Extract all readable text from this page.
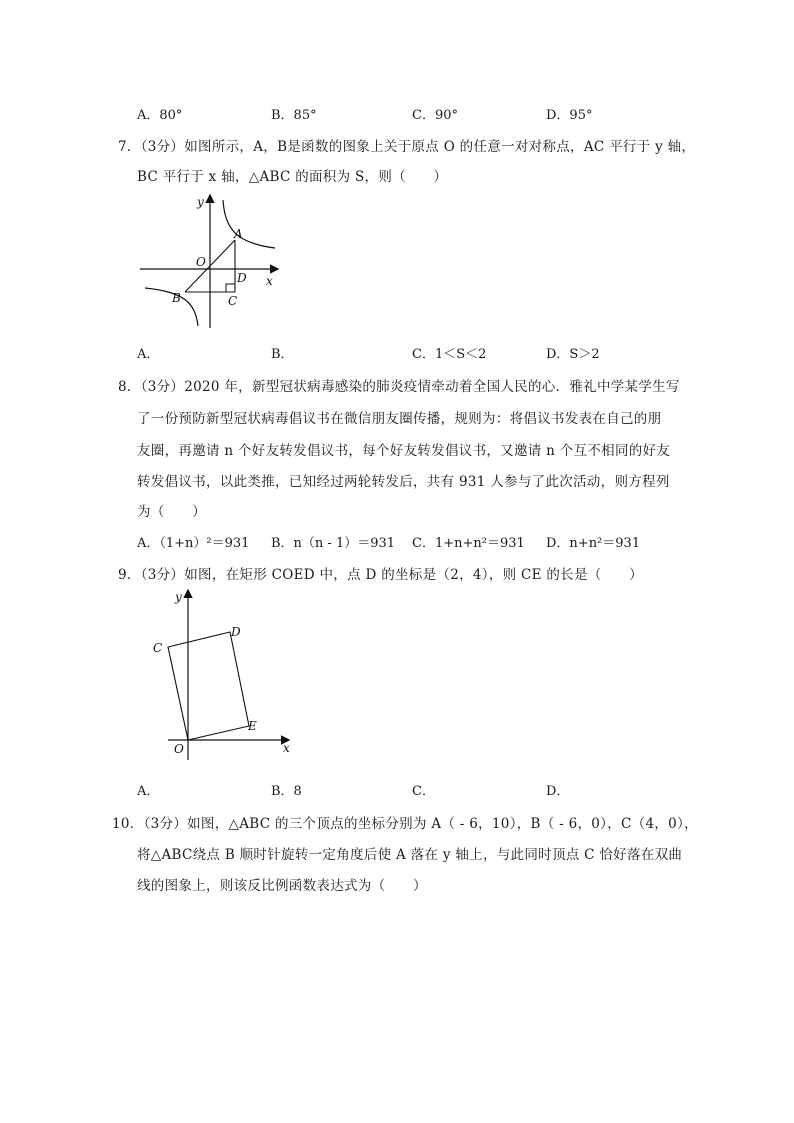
A．80°	B．85°	C．90°	D．95°
7．（3分）如图所示，A，B是函数的图象上关于原点 O 的任意一对对称点，AC 平行于 y 轴，
BC 平行于 x 轴，△ABC 的面积为 S，则（　　）
y
x
O
A
B	C
D
A．	B．	C．1＜S＜2	D．S＞2
8．（3分）2020 年，新型冠状病毒感染的肺炎疫情牵动着全国人民的心．雅礼中学某学生写
了一份预防新型冠状病毒倡议书在微信朋友圈传播，规则为：将倡议书发表在自己的朋
友圈，再邀请 n 个好友转发倡议书，每个好友转发倡议书，又邀请 n 个互不相同的好友
转发倡议书，以此类推，已知经过两轮转发后，共有 931 人参与了此次活动，则方程列
为（　　）
A．（1+n）²＝931 B．n（n - 1）＝931 C．1+n+n²＝931 D．n+n²＝931
9．（3分）如图，在矩形 COED 中，点 D 的坐标是（2，4），则 CE 的长是（　　）
y
x
O
C
D
E
A．	B．8	C．	D．
10．（3分）如图，△ABC 的三个顶点的坐标分别为 A（ - 6，10），B（ - 6，0），C（4，0），
将△ABC绕点 B 顺时针旋转一定角度后使 A 落在 y 轴上，与此同时顶点 C 恰好落在双曲
线的图象上，则该反比例函数表达式为（　　）
